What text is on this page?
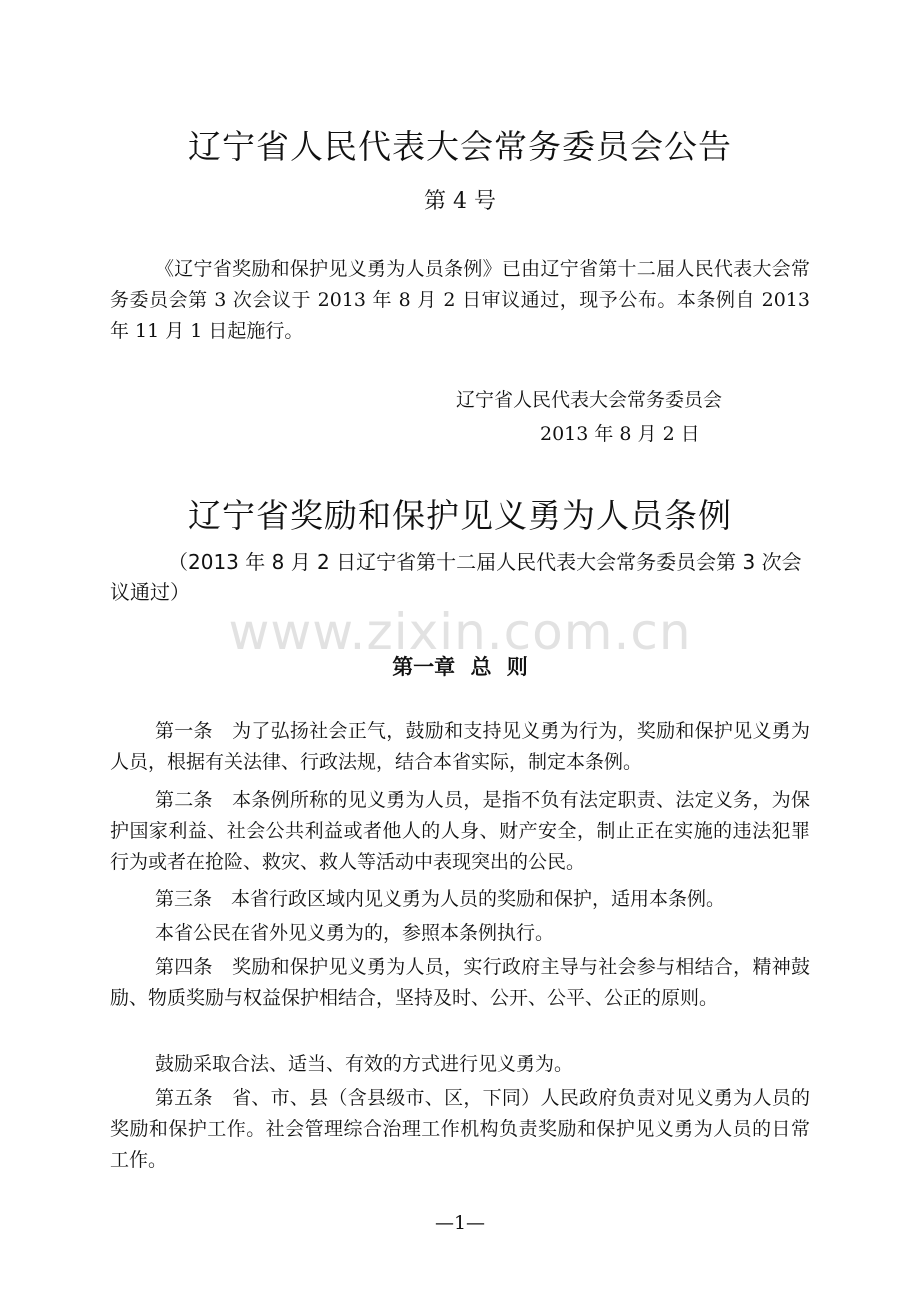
辽宁省人民代表大会常务委员会公告
第 4 号
《辽宁省奖励和保护见义勇为人员条例》已由辽宁省第十二届人民代表大会常务委员会第 3 次会议于 2013 年 8 月 2 日审议通过，现予公布。本条例自 2013 年 11 月 1 日起施行。
辽宁省人民代表大会常务委员会
2013 年 8 月 2 日
辽宁省奖励和保护见义勇为人员条例
（2013 年 8 月 2 日辽宁省第十二届人民代表大会常务委员会第 3 次会议通过）
www.zixin.com.cn
第一章 总 则
第一条　为了弘扬社会正气，鼓励和支持见义勇为行为，奖励和保护见义勇为人员，根据有关法律、行政法规，结合本省实际，制定本条例。
第二条　本条例所称的见义勇为人员，是指不负有法定职责、法定义务，为保护国家利益、社会公共利益或者他人的人身、财产安全，制止正在实施的违法犯罪行为或者在抢险、救灾、救人等活动中表现突出的公民。
第三条　本省行政区域内见义勇为人员的奖励和保护，适用本条例。
本省公民在省外见义勇为的，参照本条例执行。
第四条　奖励和保护见义勇为人员，实行政府主导与社会参与相结合，精神鼓励、物质奖励与权益保护相结合，坚持及时、公开、公平、公正的原则。
鼓励采取合法、适当、有效的方式进行见义勇为。
第五条　省、市、县（含县级市、区，下同）人民政府负责对见义勇为人员的奖励和保护工作。社会管理综合治理工作机构负责奖励和保护见义勇为人员的日常工作。
—1—
